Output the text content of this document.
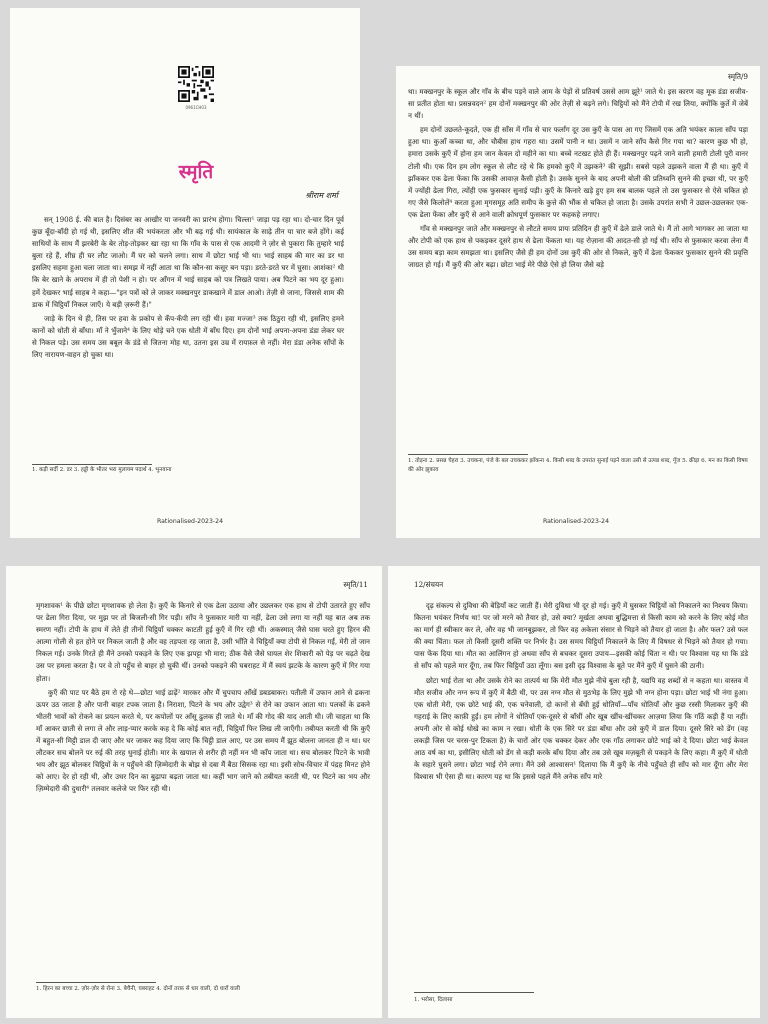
0961CH03
स्मृति
श्रीराम शर्मा

सन् 1908 ई. की बात है। दिसंबर का आखीर या जनवरी का प्रारंभ होगा। चिल्ला¹ जाड़ा पड़ रहा था। दो-चार दिन पूर्व कुछ बूँदा-बाँदी हो गई थी, इसलिए शीत की भयंकरता और भी बढ़ गई थी। सायंकाल के साढ़े तीन या चार बजे होंगे। कई साथियों के साथ मैं झरबेरी के बेर तोड़-तोड़कर खा रहा था कि गाँव के पास से एक आदमी ने ज़ोर से पुकारा कि तुम्हारे भाई बुला रहे हैं, शीघ्र ही घर लौट जाओ। मैं घर को चलने लगा। साथ में छोटा भाई भी था। भाई साहब की मार का डर था इसलिए सहमा हुआ चला जाता था। समझ में नहीं आता था कि कौन-सा कसूर बन पड़ा। डरते-डरते घर में घुसा। आशंका² थी कि बेर खाने के अपराध में ही तो पेशी न हो। पर आँगन में भाई साहब को पत्र लिखते पाया। अब पिटने का भय दूर हुआ। हमें देखकर भाई साहब ने कहा—"इन पत्रों को ले जाकर मक्खनपुर डाकखाने में डाल आओ। तेज़ी से जाना, जिससे शाम की डाक में चिट्ठियाँ निकल जाएँ। ये बड़ी ज़रूरी हैं।"

जाड़े के दिन थे ही, तिस पर हवा के प्रकोप से कँप-कँपी लग रही थी। हवा मज्जा³ तक ठिठुरा रही थी, इसलिए हमने कानों को धोती से बाँधा। माँ ने भुँजाने⁴ के लिए थोड़े चने एक धोती में बाँध दिए। हम दोनों भाई अपना-अपना डंडा लेकर घर से निकल पड़े। उस समय उस बबूल के डंडे से जितना मोह था, उतना इस उम्र में रायफ़ल से नहीं। मेरा डंडा अनेक साँपों के लिए नारायण-वाहन हो चुका था।

1. कड़ी सर्दी 2. डर 3. हड्डी के भीतर भरा मुलायम पदार्थ 4. भुनवाना
Rationalised-2023-24
स्मृति/9

था। मक्खनपुर के स्कूल और गाँव के बीच पड़ने वाले आम के पेड़ों से प्रतिवर्ष उससे आम झूरे¹ जाते थे। इस कारण वह मूक डंडा सजीव-सा प्रतीत होता था। प्रसन्नवदन² हम दोनों मक्खनपुर की ओर तेज़ी से बढ़ने लगे। चिट्ठियों को मैंने टोपी में रख लिया, क्योंकि कुर्ते में जेबें न थीं।

हम दोनों उछलते-कूदते, एक ही साँस में गाँव से चार फर्लांग दूर उस कुएँ के पास आ गए जिसमें एक अति भयंकर काला साँप पड़ा हुआ था। कुआँ कच्चा था, और चौबीस हाथ गहरा था। उसमें पानी न था। उसमें न जाने साँप कैसे गिर गया था? कारण कुछ भी हो, हमारा उसके कुएँ में होना हम जान केवल दो महीने का था। बच्चे नटखट होते ही हैं। मक्खनपुर पढ़ने जाने वाली हमारी टोली पूरी वानर टोली थी। एक दिन हम लोग स्कूल से लौट रहे थे कि हमको कुएँ में उझकने³ की सूझी। सबसे पहले उझकने वाला मैं ही था। कुएँ में झाँककर एक ढेला फेंका कि उसकी आवाज़ कैसी होती है। उसके सुनने के बाद अपनी बोली की प्रतिध्वनि सुनने की इच्छा थी, पर कुएँ में ज्योंही ढेला गिरा, त्योंही एक फुसकार सुनाई पड़ी। कुएँ के किनारे खड़े हुए हम सब बालक पहले तो उस फुसकार से ऐसे चकित हो गए जैसे किलोलें⁴ करता हुआ मृगसमूह अति समीप के कुत्ते की भौंक से चकित हो जाता है। उसके उपरांत सभी ने उछल-उछलकर एक-एक ढेला फेंका और कुएँ से आने वाली क्रोधपूर्ण फुसकार पर कहकहे लगाए।

गाँव से मक्खनपुर जाते और मक्खनपुर से लौटते समय प्रायः प्रतिदिन ही कुएँ में ढेले डाले जाते थे। मैं तो आगे भागकर आ जाता था और टोपी को एक हाथ से पकड़कर दूसरे हाथ से ढेला फेंकता था। यह रोज़ाना की आदत-सी हो गई थी। साँप से फुसकार करवा लेना मैं उस समय बड़ा काम समझता था। इसलिए जैसे ही हम दोनों उस कुएँ की ओर से निकले, कुएँ में ढेला फेंककर फुसकार सुनने की प्रवृत्ति जाग्रत हो गई। मैं कुएँ की ओर बढ़ा। छोटा भाई मेरे पीछे ऐसे हो लिया जैसे बड़े

1. तोड़ना 2. प्रसन्न चेहरा 3. उचकना, पंजे के बल उचककर झाँकना 4. किसी शब्द के उपरांत सुनाई पड़ने वाला उसी से उत्पन्न शब्द, गूँज 5. क्रीड़ा 6. मन का किसी विषय की ओर झुकाव
Rationalised-2023-24
स्मृति/11

मृगशावक¹ के पीछे छोटा मृगशावक हो लेता है। कुएँ के किनारे से एक ढेला उठाया और उछलकर एक हाथ से टोपी उतारते हुए साँप पर ढेला गिरा दिया, पर मुझ पर तो बिजली-सी गिर पड़ी। साँप ने फुसकार मारी या नहीं, ढेला उसे लगा या नहीं यह बात अब तक स्मरण नहीं। टोपी के हाथ में लेते ही तीनों चिट्ठियाँ चक्कर काटती हुई कुएँ में गिर रही थीं। अकस्मात् जैसे घास चरते हुए हिरन की आत्मा गोली से हत होने पर निकल जाती है और वह तड़पता रह जाता है, उसी भाँति वे चिट्ठियाँ क्या टोपी से निकल गईं, मेरी तो जान निकल गई। उनके गिरते ही मैंने उनको पकड़ने के लिए एक झपट्टा भी मारा; ठीक वैसे जैसे घायल शेर शिकारी को पेड़ पर चढ़ते देख उस पर हमला करता है। पर वे तो पहुँच से बाहर हो चुकी थीं। उनको पकड़ने की घबराहट में मैं स्वयं झटके के कारण कुएँ में गिर गया होता।

कुएँ की पाट पर बैठे हम रो रहे थे—छोटा भाई ढाढ़ें² मारकर और मैं चुपचाप आँखें डबडबाकर। पतीली में उफान आने से ढकना ऊपर उठ जाता है और पानी बाहर टपक जाता है। निराशा, पिटने के भय और उद्वेग³ से रोने का उफान आता था। पलकों के ढकने भीतरी भावों को रोकने का प्रयत्न करते थे, पर कपोलों पर आँसू ढुलक ही जाते थे। माँ की गोद की याद आती थी। जी चाहता था कि माँ आकर छाती से लगा ले और लाड़-प्यार करके कह दे कि कोई बात नहीं, चिट्ठियाँ फिर लिख ली जाएँगी। तबीयत करती थी कि कुएँ में बहुत-सी मिट्टी डाल दी जाए और घर जाकर कह दिया जाए कि चिट्ठी डाल आए, पर उस समय मैं झूठ बोलना जानता ही न था। घर लौटकर सच बोलने पर रुई की तरह धुनाई होती। मार के खयाल से शरीर ही नहीं मन भी काँप जाता था। सच बोलकर पिटने के भावी भय और झूठ बोलकर चिट्ठियों के न पहुँचने की ज़िम्मेदारी के बोझ से दबा मैं बैठा सिसक रहा था। इसी सोच-विचार में पंद्रह मिनट होने को आए। देर हो रही थी, और उधर दिन का बुढ़ापा बढ़ता जाता था। कहीं भाग जाने को तबीयत करती थी, पर पिटने का भय और ज़िम्मेदारी की दुधारी⁴ तलवार कलेजे पर फिर रही थी।

1. हिरन का बच्चा 2. ज़ोर-ज़ोर से रोना 3. बेचैनी, घबराहट 4. दोनों तरफ़ से धार वाली, दो धारों वाली
12/संचयन

दृढ़ संकल्प से दुविधा की बेड़ियाँ कट जाती हैं। मेरी दुविधा भी दूर हो गई। कुएँ में घुसकर चिट्ठियों को निकालने का निश्चय किया। कितना भयंकर निर्णय था! पर जो मरने को तैयार हो, उसे क्या? मूर्खता अथवा बुद्धिमत्ता से किसी काम को करने के लिए कोई मौत का मार्ग ही स्वीकार कर ले, और वह भी जानबूझकर, तो फिर वह अकेला संसार से भिड़ने को तैयार हो जाता है। और फल? उसे फल की क्या चिंता। फल तो किसी दूसरी शक्ति पर निर्भर है। उस समय चिट्ठियाँ निकालने के लिए मैं विषधर से भिड़ने को तैयार हो गया। पास फेंक दिया था। मौत का आलिंगन हो अथवा साँप से बचकर दूसरा उपाय—इसकी कोई चिंता न थी। पर विश्वास यह था कि डंडे से साँप को पहले मार दूँगा, तब फिर चिट्ठियाँ उठा लूँगा। बस इसी दृढ़ विश्वास के बूते पर मैंने कुएँ में घुसने की ठानी।

छोटा भाई रोता था और उसके रोने का तात्पर्य था कि मेरी मौत मुझे नीचे बुला रही है, यद्यपि वह शब्दों से न कहता था। वास्तव में मौत सजीव और नग्न रूप में कुएँ में बैठी थी, पर उस नग्न मौत से मुठभेड़ के लिए मुझे भी नग्न होना पड़ा। छोटा भाई भी नंगा हुआ। एक धोती मेरी, एक छोटे भाई की, एक चनेवाली, दो कानों से बँधी हुई धोतियाँ—पाँच धोतियाँ और कुछ रस्सी मिलाकर कुएँ की गहराई के लिए काफ़ी हुईं। हम लोगों ने धोतियाँ एक-दूसरे से बाँधीं और खूब खींच-खींचकर आज़मा लिया कि गाँठें कड़ी हैं या नहीं। अपनी ओर से कोई धोखे का काम न रखा। धोती के एक सिरे पर डंडा बाँधा और उसे कुएँ में डाल दिया। दूसरे सिरे को डेंग (वह लकड़ी जिस पर चरस-पुर टिकता है) के चारों ओर एक चक्कर देकर और एक गाँठ लगाकर छोटे भाई को दे दिया। छोटा भाई केवल आठ वर्ष का था, इसीलिए धोती को डेंग से कड़ी करके बाँध दिया और तब उसे खूब मज़बूती से पकड़ने के लिए कहा। मैं कुएँ में धोती के सहारे घुसने लगा। छोटा भाई रोने लगा। मैंने उसे आश्वासन¹ दिलाया कि मैं कुएँ के नीचे पहुँचते ही साँप को मार दूँगा और मेरा विश्वास भी ऐसा ही था। कारण यह था कि इससे पहले मैंने अनेक साँप मारे

1. भरोसा, दिलासा
